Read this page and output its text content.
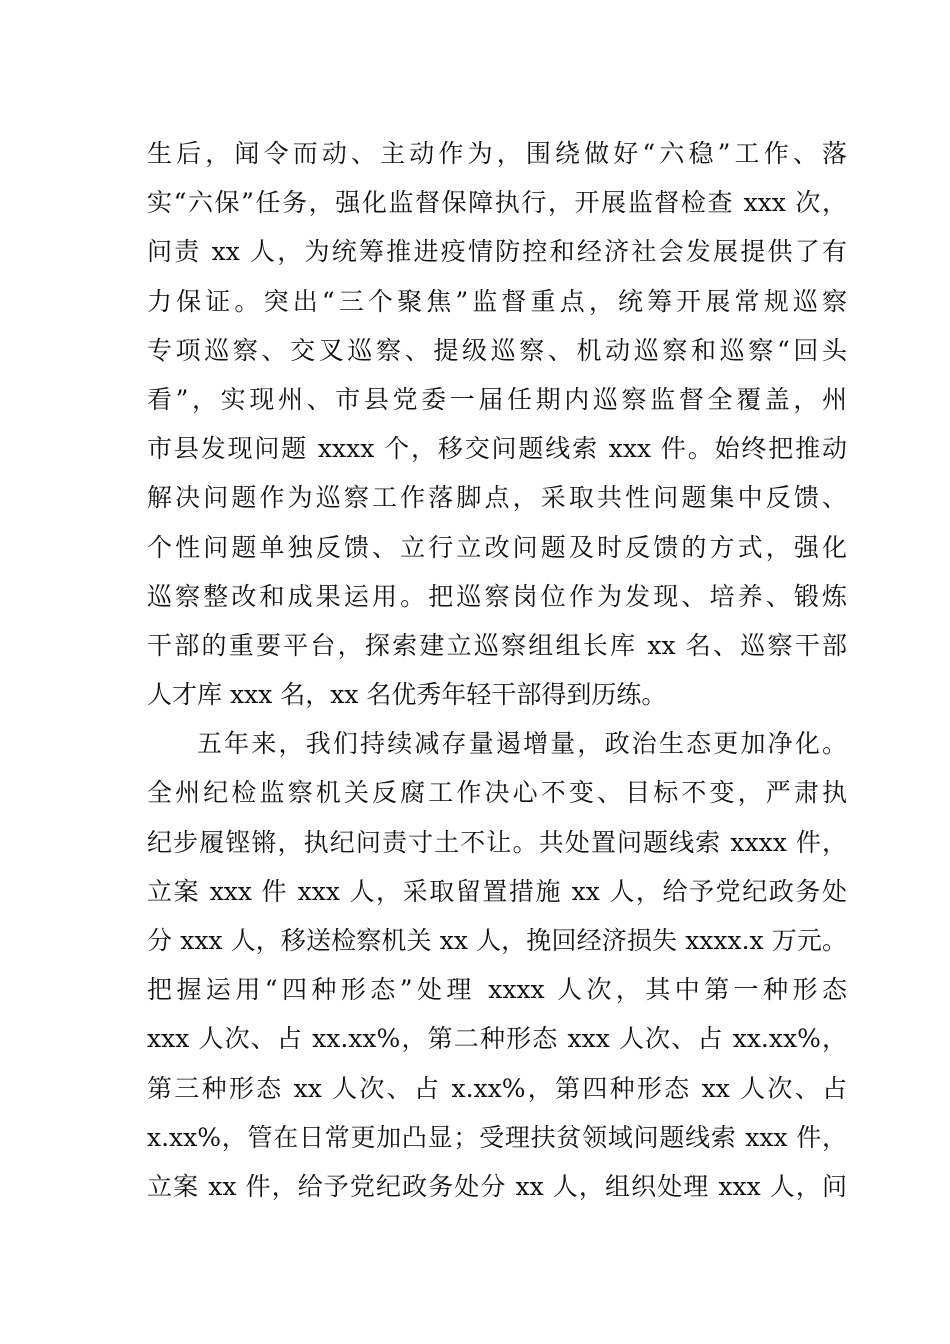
生后，闻令而动、主动作为，围绕做好“六稳”工作、落
实“六保”任务，强化监督保障执行，开展监督检查 xxx 次，
问责 xx 人，为统筹推进疫情防控和经济社会发展提供了有
力保证。突出“三个聚焦”监督重点，统筹开展常规巡察
专项巡察、交叉巡察、提级巡察、机动巡察和巡察“回头
看”，实现州、市县党委一届任期内巡察监督全覆盖，州
市县发现问题 xxxx 个，移交问题线索 xxx 件。始终把推动
解决问题作为巡察工作落脚点，采取共性问题集中反馈、
个性问题单独反馈、立行立改问题及时反馈的方式，强化
巡察整改和成果运用。把巡察岗位作为发现、培养、锻炼
干部的重要平台，探索建立巡察组组长库 xx 名、巡察干部
人才库 xxx 名，xx 名优秀年轻干部得到历练。
五年来，我们持续减存量遏增量，政治生态更加净化。
全州纪检监察机关反腐工作决心不变、目标不变，严肃执
纪步履铿锵，执纪问责寸土不让。共处置问题线索 xxxx 件，
立案 xxx 件 xxx 人，采取留置措施 xx 人，给予党纪政务处
分 xxx 人，移送检察机关 xx 人，挽回经济损失 xxxx.x 万元。
把握运用“四种形态”处理 xxxx 人次，其中第一种形态
xxx 人次、占 xx.xx%，第二种形态 xxx 人次、占 xx.xx%，
第三种形态 xx 人次、占 x.xx%，第四种形态 xx 人次、占
x.xx%，管在日常更加凸显；受理扶贫领域问题线索 xxx 件，
立案 xx 件，给予党纪政务处分 xx 人，组织处理 xxx 人，问
